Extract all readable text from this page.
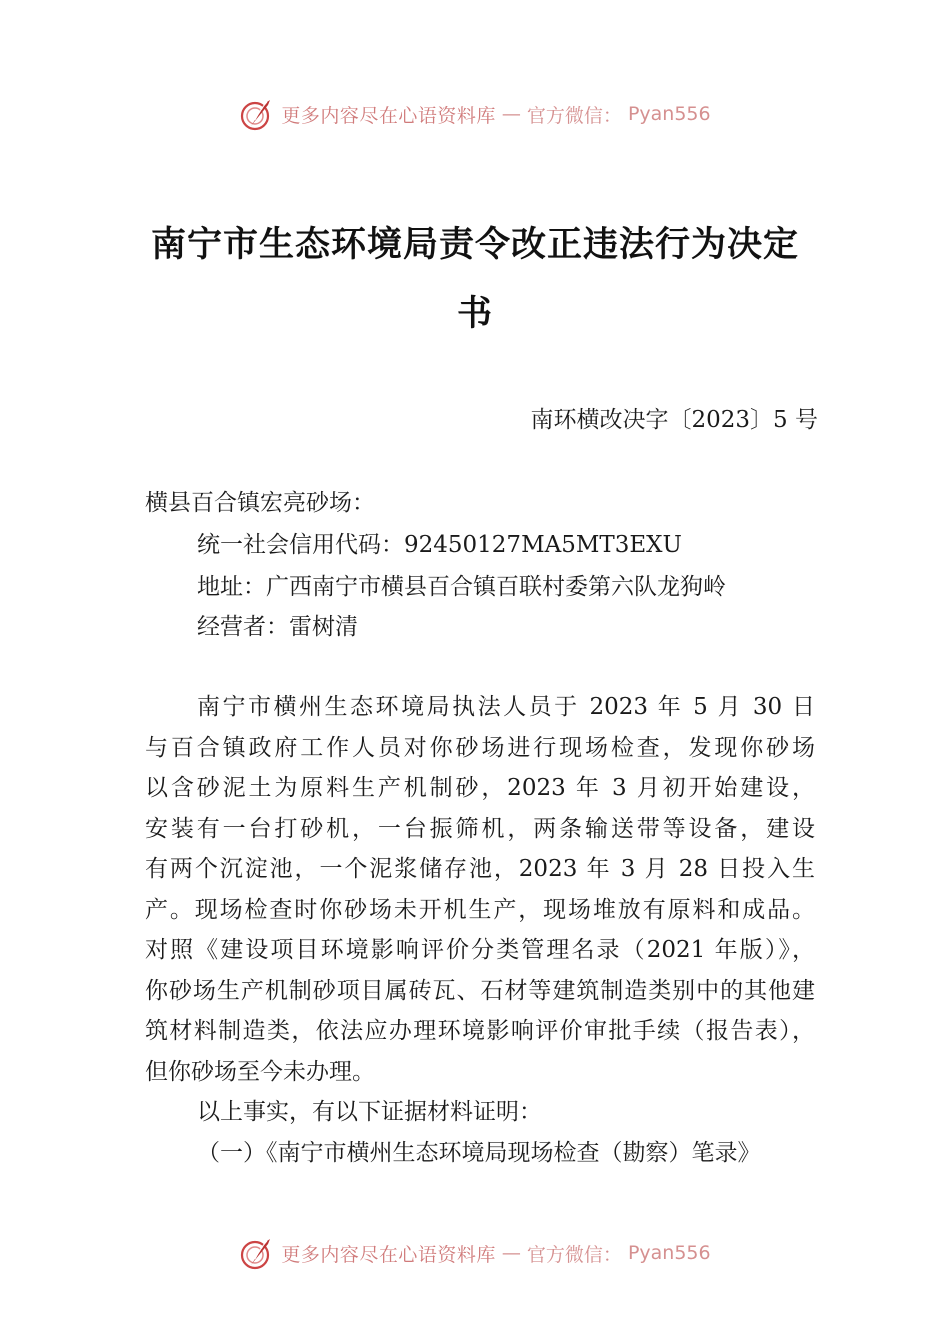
更多内容尽在心语资料库 — 官方微信： Pyan556
南宁市生态环境局责令改正违法行为决定
书
南环横改决字〔2023〕5 号
横县百合镇宏亮砂场：
统一社会信用代码：92450127MA5MT3EXU
地址：广西南宁市横县百合镇百联村委第六队龙狗岭
经营者：雷树清
南宁市横州生态环境局执法人员于 2023 年 5 月 30 日
与百合镇政府工作人员对你砂场进行现场检查，发现你砂场
以含砂泥土为原料生产机制砂，2023 年 3 月初开始建设，
安装有一台打砂机，一台振筛机，两条输送带等设备，建设
有两个沉淀池，一个泥浆储存池，2023 年 3 月 28 日投入生
产。现场检查时你砂场未开机生产，现场堆放有原料和成品。
对照《建设项目环境影响评价分类管理名录（2021 年版）》，
你砂场生产机制砂项目属砖瓦、石材等建筑制造类别中的其他建
筑材料制造类，依法应办理环境影响评价审批手续（报告表），
但你砂场至今未办理。
以上事实，有以下证据材料证明：
（一）《南宁市横州生态环境局现场检查（勘察）笔录》
更多内容尽在心语资料库 — 官方微信： Pyan556
